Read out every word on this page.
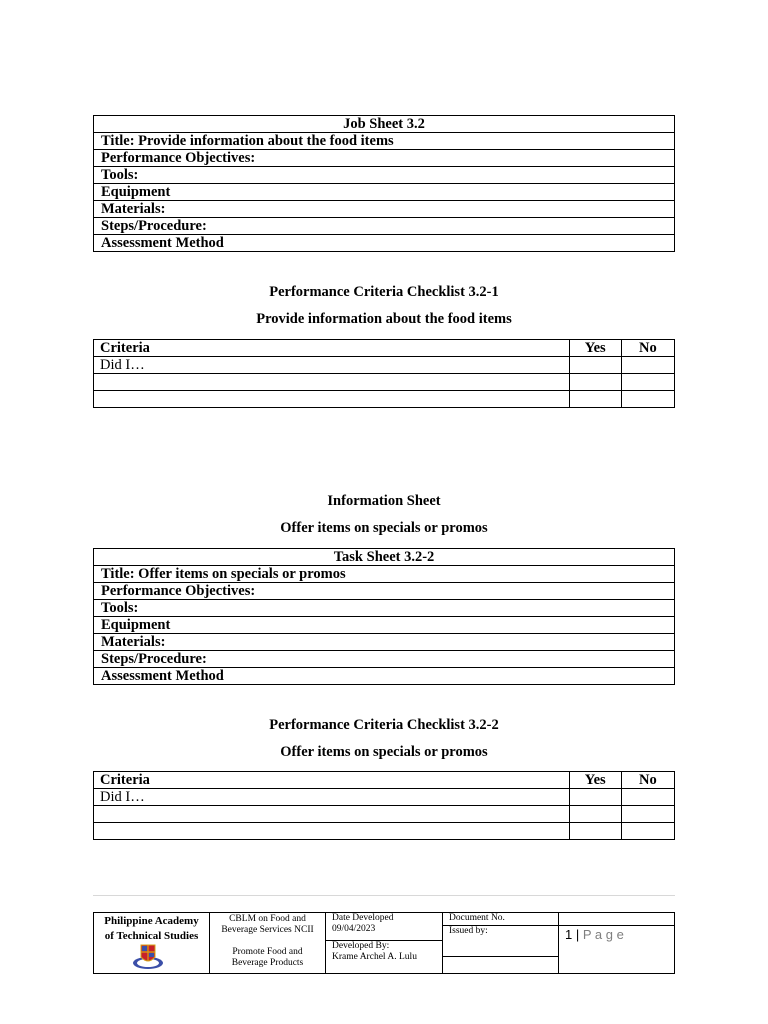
Job Sheet 3.2
Title: Provide information about the food items
Performance Objectives:
Tools:
Equipment
Materials:
Steps/Procedure:
Assessment Method
Performance Criteria Checklist 3.2-1
Provide information about the food items
Criteria	Yes	No
Did I…		

Information Sheet
Offer items on specials or promos
Task Sheet 3.2-2
Title: Offer items on specials or promos
Performance Objectives:
Tools:
Equipment
Materials:
Steps/Procedure:
Assessment Method
Performance Criteria Checklist 3.2-2
Offer items on specials or promos
Criteria	Yes	No
Did I…		

Philippine Academy
of Technical Studies
CBLM on Food and
Beverage Services NCII
Promote Food and
Beverage Products
Date Developed
09/04/2023
Developed By:
Krame Archel A. Lulu
Document No.
Issued by:	1 | P a g e
